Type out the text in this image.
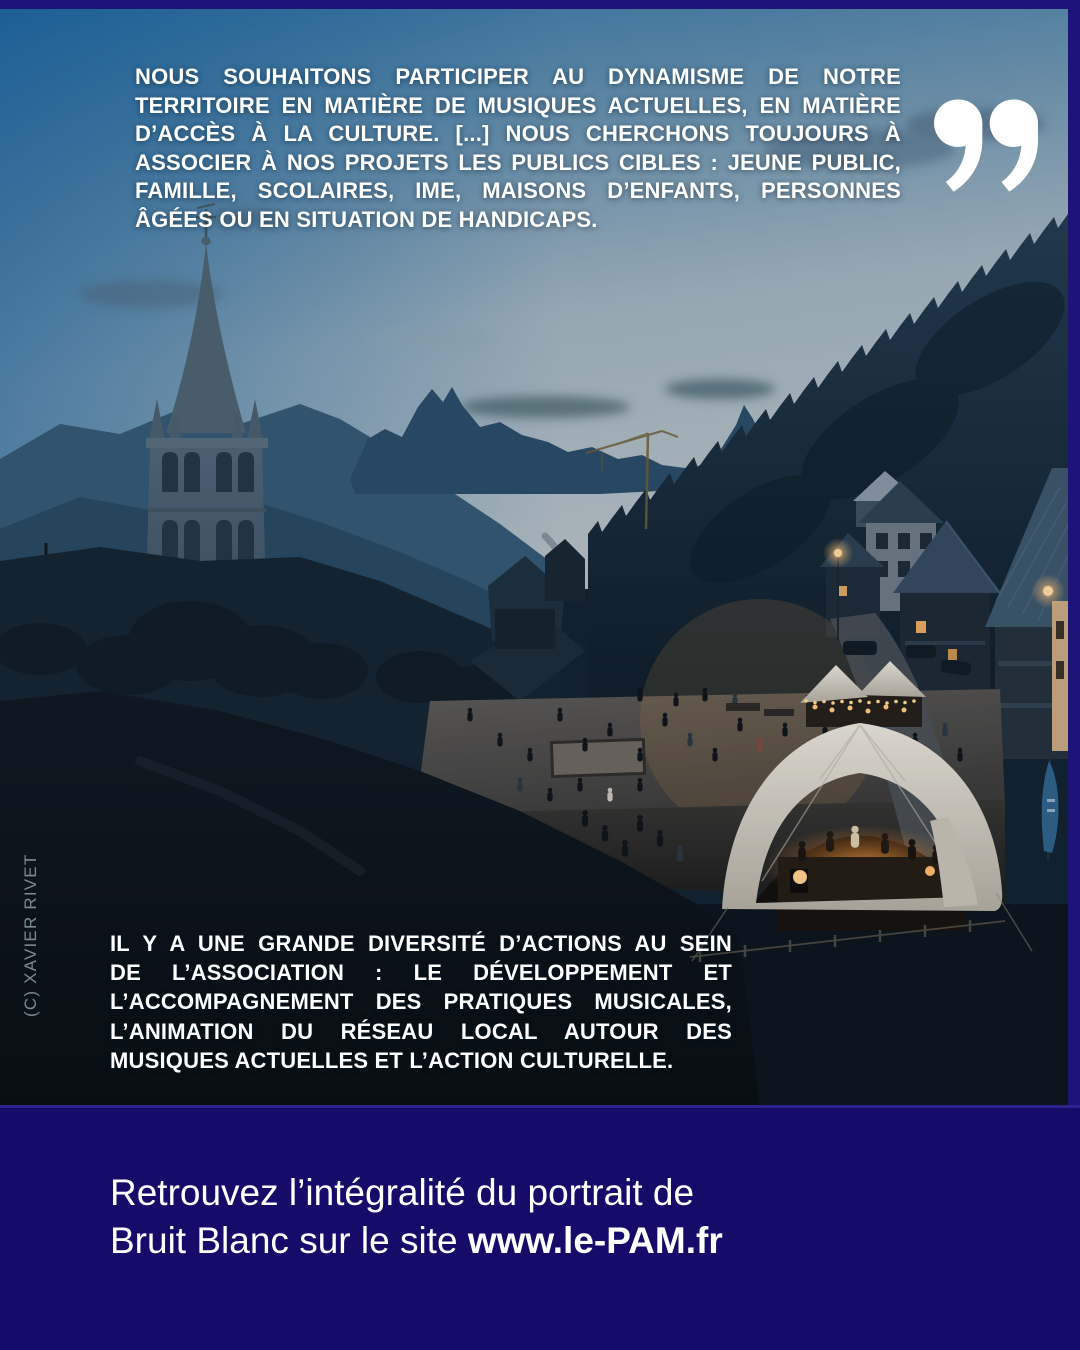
NOUS SOUHAITONS PARTICIPER AU DYNAMISME DE NOTRE
TERRITOIRE EN MATIÈRE DE MUSIQUES ACTUELLES, EN MATIÈRE
D’ACCÈS À LA CULTURE. [...] NOUS CHERCHONS TOUJOURS À
ASSOCIER À NOS PROJETS LES PUBLICS CIBLES : JEUNE PUBLIC,
FAMILLE, SCOLAIRES, IME, MAISONS D’ENFANTS, PERSONNES
ÂGÉES OU EN SITUATION DE HANDICAPS.
(C) XAVIER RIVET	IL Y A UNE GRANDE DIVERSITÉ D’ACTIONS AU SEIN
DE L’ASSOCIATION : LE DÉVELOPPEMENT ET
L’ACCOMPAGNEMENT DES PRATIQUES MUSICALES,
L’ANIMATION DU RÉSEAU LOCAL AUTOUR DES
MUSIQUES ACTUELLES ET L’ACTION CULTURELLE.

Retrouvez l’intégralité du portrait de
Bruit Blanc sur le site www.le-PAM.fr
